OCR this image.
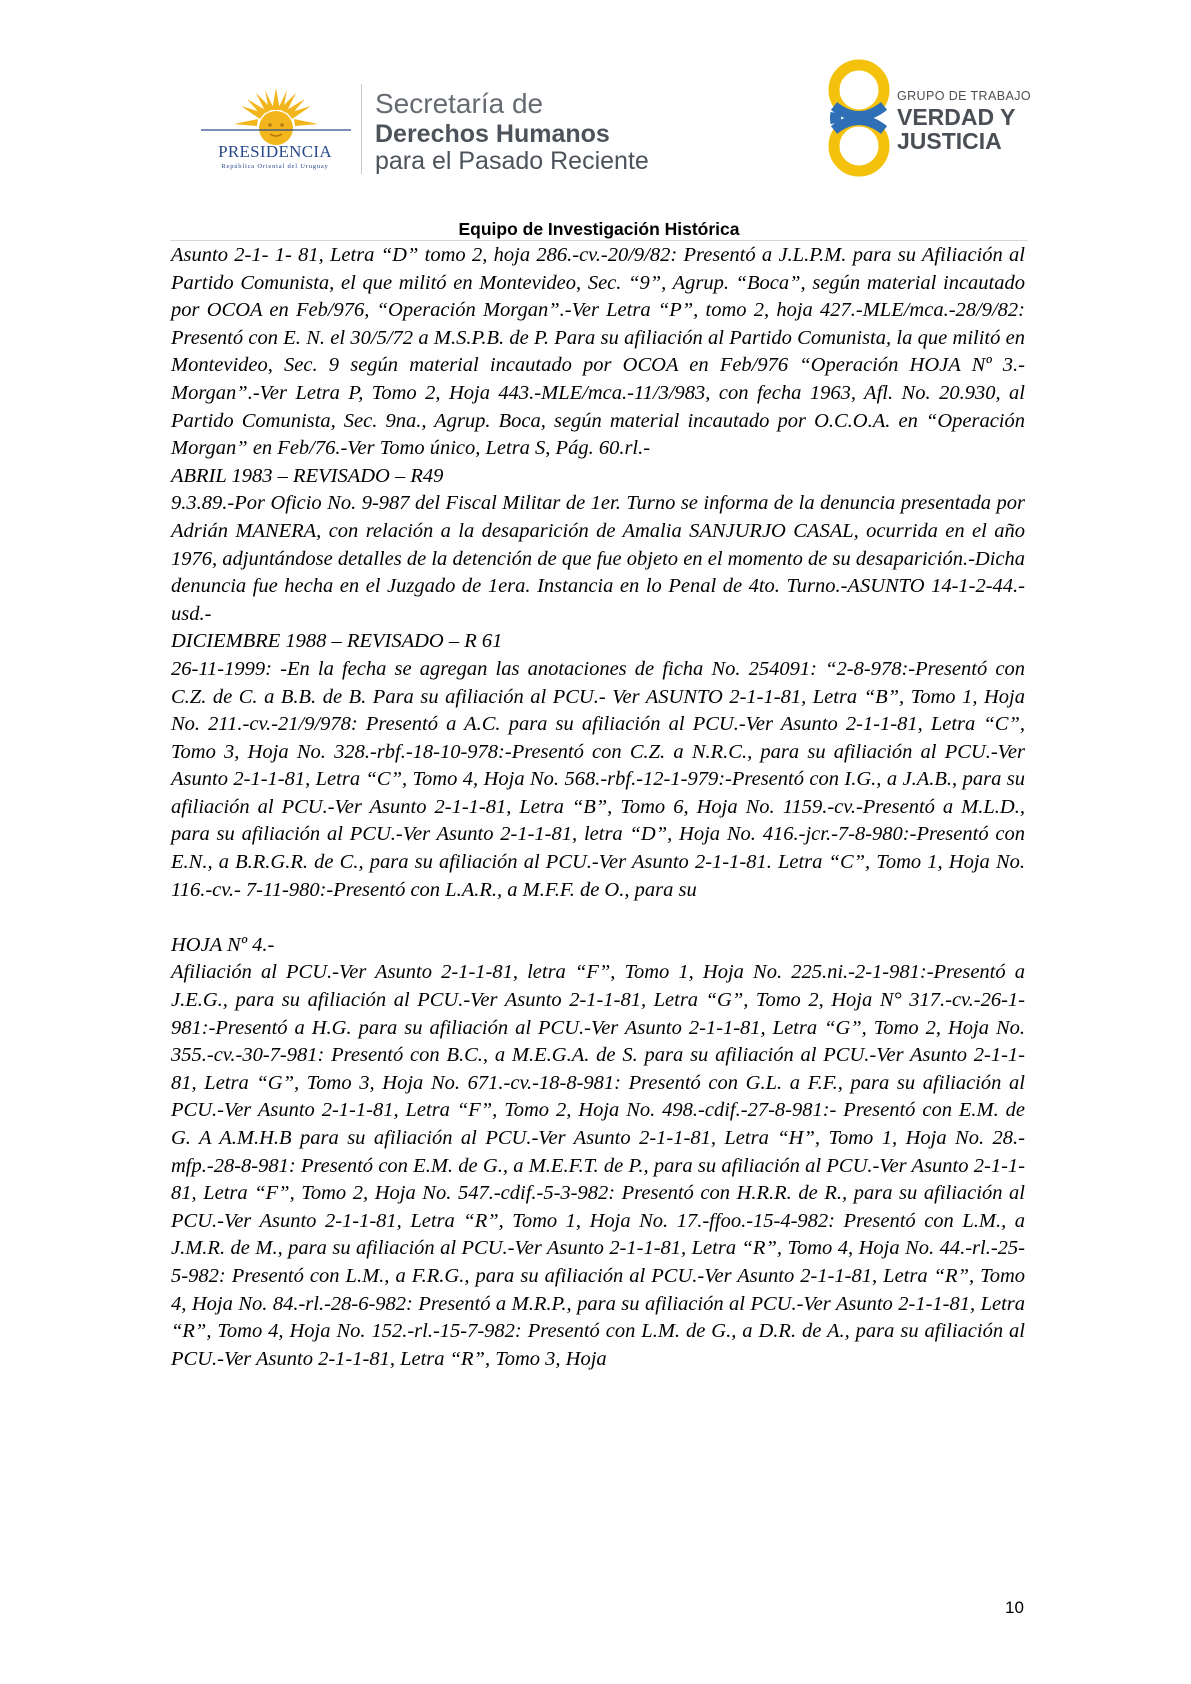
PRESIDENCIA
República Oriental del Uruguay
Secretaría de
Derechos Humanos
para el Pasado Reciente
GRUPO DE TRABAJO
VERDAD Y
JUSTICIA
Equipo de Investigación Histórica

Asunto 2-1- 1- 81, Letra “D” tomo 2, hoja 286.-cv.-20/9/82: Presentó a J.L.P.M. para su Afiliación al Partido Comunista, el que militó en Montevideo, Sec. “9”, Agrup. “Boca”, según material incautado por OCOA en Feb/976, “Operación Morgan”.-Ver Letra “P”, tomo 2, hoja 427.-MLE/mca.-28/9/82: Presentó con E. N. el 30/5/72 a M.S.P.B. de P. Para su afiliación al Partido Comunista, la que militó en Montevideo, Sec. 9 según material incautado por OCOA en Feb/976 “Operación HOJA Nº 3.-Morgan”.-Ver Letra P, Tomo 2, Hoja 443.-MLE/mca.-11/3/983, con fecha 1963, Afl. No. 20.930, al Partido Comunista, Sec. 9na., Agrup. Boca, según material incautado por O.C.O.A. en “Operación Morgan” en Feb/76.-Ver Tomo único, Letra S, Pág. 60.rl.-

ABRIL 1983 – REVISADO – R49

9.3.89.-Por Oficio No. 9-987 del Fiscal Militar de 1er. Turno se informa de la denuncia presentada por Adrián MANERA, con relación a la desaparición de Amalia SANJURJO CASAL, ocurrida en el año 1976, adjuntándose detalles de la detención de que fue objeto en el momento de su desaparición.-Dicha denuncia fue hecha en el Juzgado de 1era. Instancia en lo Penal de 4to. Turno.-ASUNTO 14-1-2-44.-usd.-

DICIEMBRE 1988 – REVISADO – R 61

26-11-1999: -En la fecha se agregan las anotaciones de ficha No. 254091: “2-8-978:-Presentó con C.Z. de C. a B.B. de B. Para su afiliación al PCU.- Ver ASUNTO 2-1-1-81, Letra “B”, Tomo 1, Hoja No. 211.-cv.-21/9/978: Presentó a A.C. para su afiliación al PCU.-Ver Asunto 2-1-1-81, Letra “C”, Tomo 3, Hoja No. 328.-rbf.-18-10-978:-Presentó con C.Z. a N.R.C., para su afiliación al PCU.-Ver Asunto 2-1-1-81, Letra “C”, Tomo 4, Hoja No. 568.-rbf.-12-1-979:-Presentó con I.G., a J.A.B., para su afiliación al PCU.-Ver Asunto 2-1-1-81, Letra “B”, Tomo 6, Hoja No. 1159.-cv.-Presentó a M.L.D., para su afiliación al PCU.-Ver Asunto 2-1-1-81, letra “D”, Hoja No. 416.-jcr.-7-8-980:-Presentó con E.N., a B.R.G.R. de C., para su afiliación al PCU.-Ver Asunto 2-1-1-81. Letra “C”, Tomo 1, Hoja No. 116.-cv.- 7-11-980:-Presentó con L.A.R., a M.F.F. de O., para su

HOJA Nº 4.-

Afiliación al PCU.-Ver Asunto 2-1-1-81, letra “F”, Tomo 1, Hoja No. 225.ni.-2-1-981:-Presentó a J.E.G., para su afiliación al PCU.-Ver Asunto 2-1-1-81, Letra “G”, Tomo 2, Hoja N° 317.-cv.-26-1-981:-Presentó a H.G. para su afiliación al PCU.-Ver Asunto 2-1-1-81, Letra “G”, Tomo 2, Hoja No. 355.-cv.-30-7-981: Presentó con B.C., a M.E.G.A. de S. para su afiliación al PCU.-Ver Asunto 2-1-1-81, Letra “G”, Tomo 3, Hoja No. 671.-cv.-18-8-981: Presentó con G.L. a F.F., para su afiliación al PCU.-Ver Asunto 2-1-1-81, Letra “F”, Tomo 2, Hoja No. 498.-cdif.-27-8-981:- Presentó con E.M. de G. A A.M.H.B para su afiliación al PCU.-Ver Asunto 2-1-1-81, Letra “H”, Tomo 1, Hoja No. 28.-mfp.-28-8-981: Presentó con E.M. de G., a M.E.F.T. de P., para su afiliación al PCU.-Ver Asunto 2-1-1-81, Letra “F”, Tomo 2, Hoja No. 547.-cdif.-5-3-982: Presentó con H.R.R. de R., para su afiliación al PCU.-Ver Asunto 2-1-1-81, Letra “R”, Tomo 1, Hoja No. 17.-ffoo.-15-4-982: Presentó con L.M., a J.M.R. de M., para su afiliación al PCU.-Ver Asunto 2-1-1-81, Letra “R”, Tomo 4, Hoja No. 44.-rl.-25-5-982: Presentó con L.M., a F.R.G., para su afiliación al PCU.-Ver Asunto 2-1-1-81, Letra “R”, Tomo 4, Hoja No. 84.-rl.-28-6-982: Presentó a M.R.P., para su afiliación al PCU.-Ver Asunto 2-1-1-81, Letra “R”, Tomo 4, Hoja No. 152.-rl.-15-7-982: Presentó con L.M. de G., a D.R. de A., para su afiliación al PCU.-Ver Asunto 2-1-1-81, Letra “R”, Tomo 3, Hoja

10
